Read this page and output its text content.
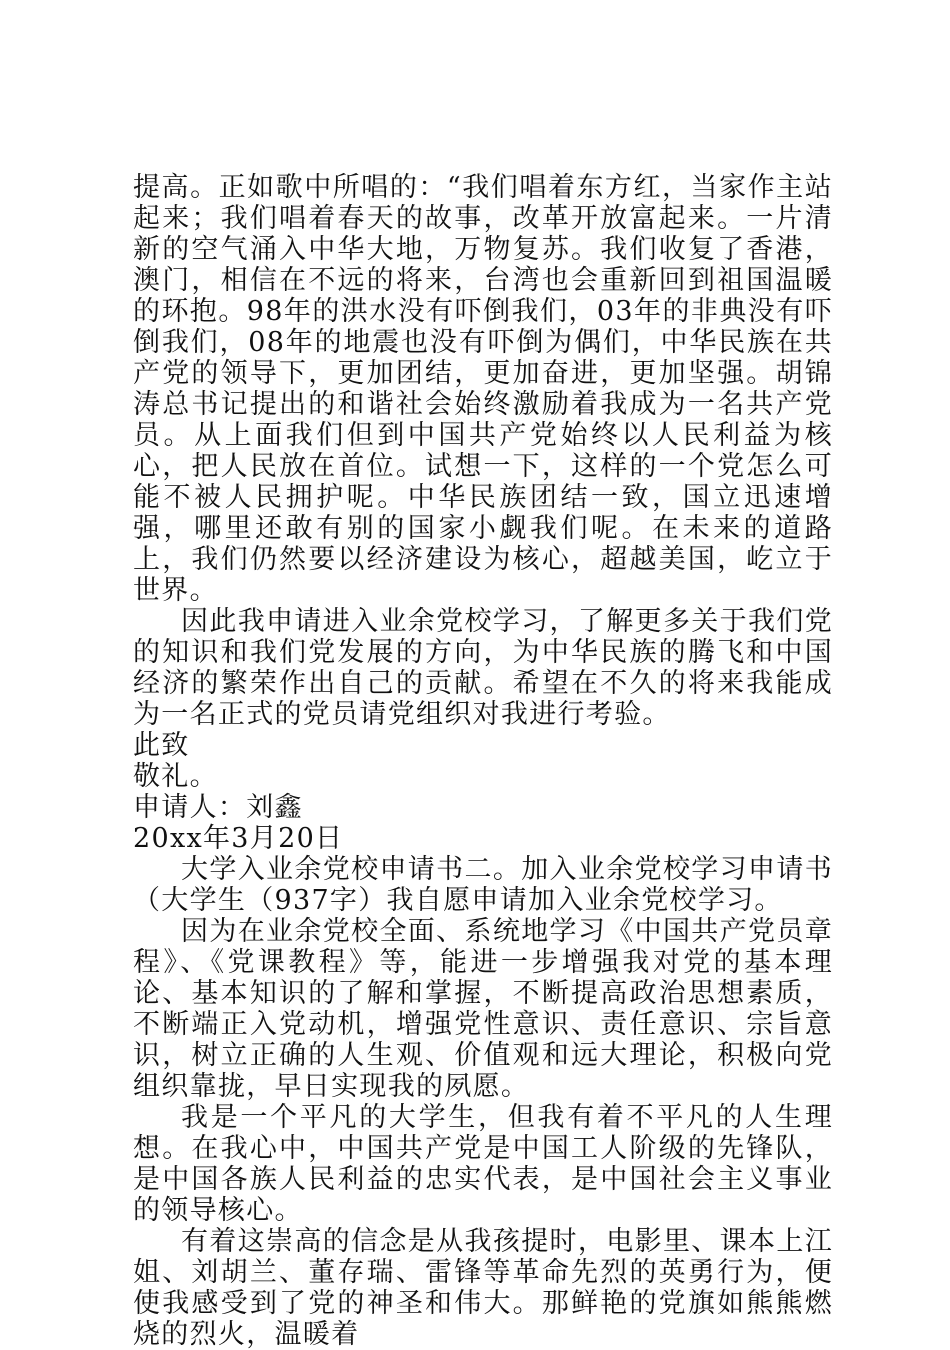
提高。正如歌中所唱的：“我们唱着东方红，当家作主站起来；我们唱着春天的故事，改革开放富起来。一片清新的空气涌入中华大地，万物复苏。我们收复了香港，澳门，相信在不远的将来，台湾也会重新回到祖国温暖的环抱。98年的洪水没有吓倒我们，03年的非典没有吓倒我们，08年的地震也没有吓倒为偶们，中华民族在共产党的领导下，更加团结，更加奋进，更加坚强。胡锦涛总书记提出的和谐社会始终激励着我成为一名共产党员。从上面我们但到中国共产党始终以人民利益为核心，把人民放在首位。试想一下，这样的一个党怎么可能不被人民拥护呢。中华民族团结一致，国立迅速增强，哪里还敢有别的国家小觑我们呢。在未来的道路上，我们仍然要以经济建设为核心，超越美国，屹立于世界。

因此我申请进入业余党校学习，了解更多关于我们党的知识和我们党发展的方向，为中华民族的腾飞和中国经济的繁荣作出自己的贡献。希望在不久的将来我能成为一名正式的党员请党组织对我进行考验。

此致

敬礼。

申请人：刘鑫

20xx年3月20日

大学入业余党校申请书二。加入业余党校学习申请书（大学生（937字）我自愿申请加入业余党校学习。

因为在业余党校全面、系统地学习《中国共产党员章程》、《党课教程》等，能进一步增强我对党的基本理论、基本知识的了解和掌握，不断提高政治思想素质，不断端正入党动机，增强党性意识、责任意识、宗旨意识，树立正确的人生观、价值观和远大理论，积极向党组织靠拢，早日实现我的夙愿。

我是一个平凡的大学生，但我有着不平凡的人生理想。在我心中，中国共产党是中国工人阶级的先锋队，是中国各族人民利益的忠实代表，是中国社会主义事业的领导核心。

有着这崇高的信念是从我孩提时，电影里、课本上江姐、刘胡兰、董存瑞、雷锋等革命先烈的英勇行为，便使我感受到了党的神圣和伟大。那鲜艳的党旗如熊熊燃烧的烈火，温暖着
